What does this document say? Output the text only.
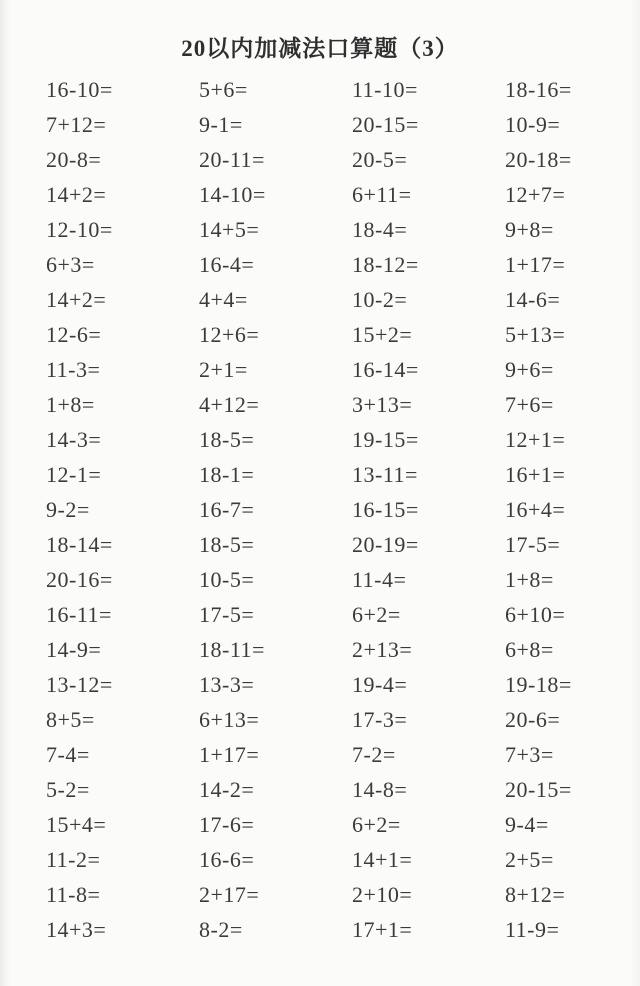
20以内加减法口算题（3）
16-10=	5+6=	11-10=	18-16=
7+12=	9-1=	20-15=	10-9=
20-8=	20-11=	20-5=	20-18=
14+2=	14-10=	6+11=	12+7=
12-10=	14+5=	18-4=	9+8=
6+3=	16-4=	18-12=	1+17=
14+2=	4+4=	10-2=	14-6=
12-6=	12+6=	15+2=	5+13=
11-3=	2+1=	16-14=	9+6=
1+8=	4+12=	3+13=	7+6=
14-3=	18-5=	19-15=	12+1=
12-1=	18-1=	13-11=	16+1=
9-2=	16-7=	16-15=	16+4=
18-14=	18-5=	20-19=	17-5=
20-16=	10-5=	11-4=	1+8=
16-11=	17-5=	6+2=	6+10=
14-9=	18-11=	2+13=	6+8=
13-12=	13-3=	19-4=	19-18=
8+5=	6+13=	17-3=	20-6=
7-4=	1+17=	7-2=	7+3=
5-2=	14-2=	14-8=	20-15=
15+4=	17-6=	6+2=	9-4=
11-2=	16-6=	14+1=	2+5=
11-8=	2+17=	2+10=	8+12=
14+3=	8-2=	17+1=	11-9=
